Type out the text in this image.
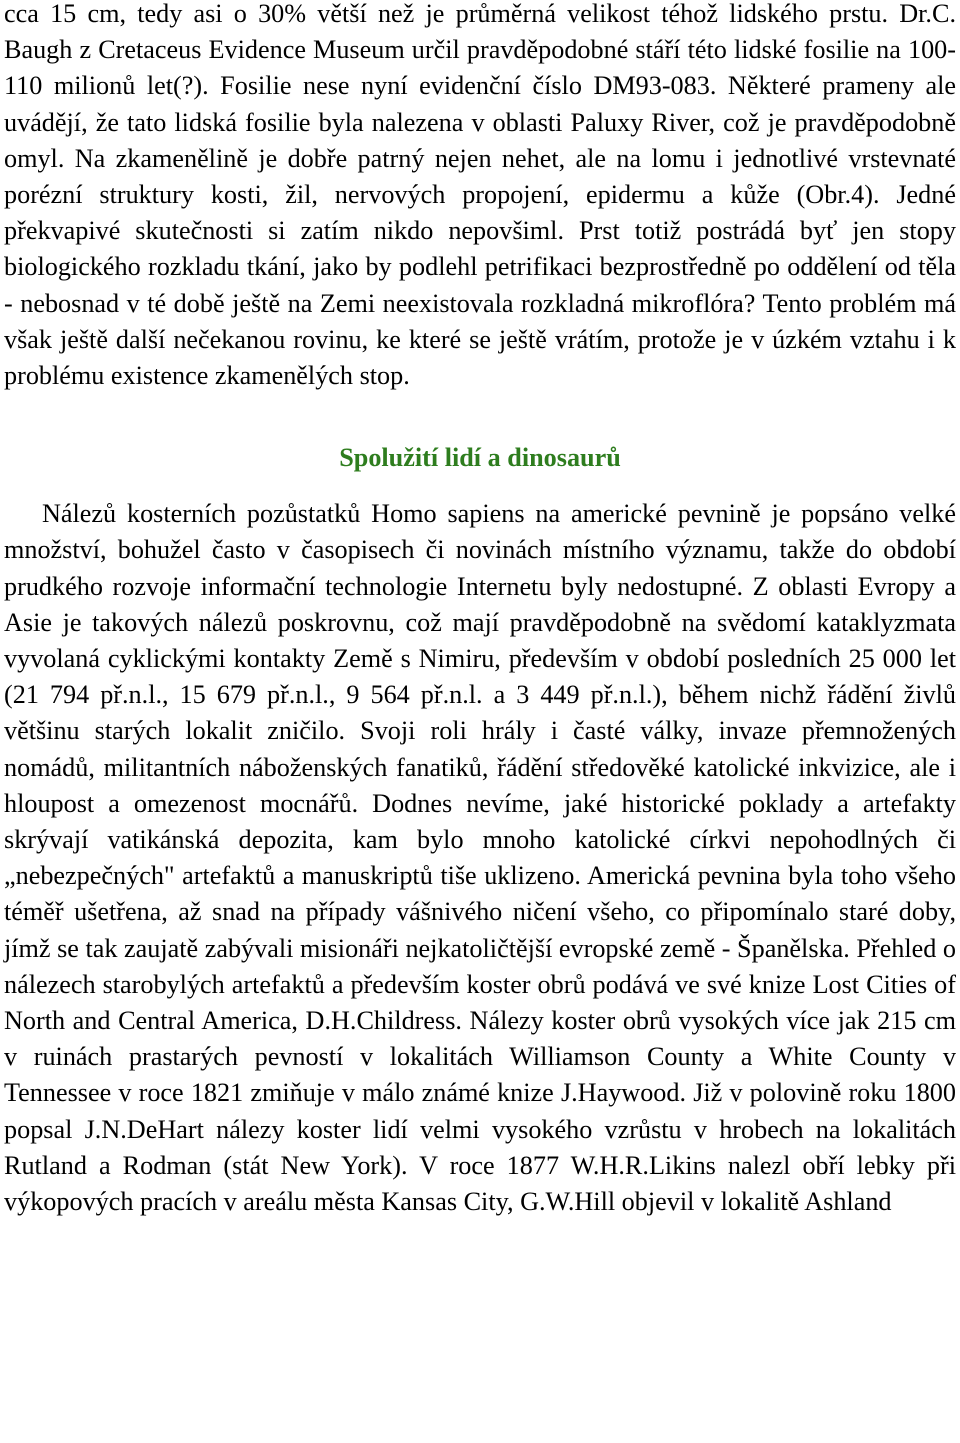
cca 15 cm, tedy asi o 30% větší než je průměrná velikost téhož lidského prstu. Dr.C. Baugh z Cretaceus Evidence Museum určil pravděpodobné stáří této lidské fosilie na 100-110 milionů let(?). Fosilie nese nyní evidenční číslo DM93-083. Některé prameny ale uvádějí, že tato lidská fosilie byla nalezena v oblasti Paluxy River, což je pravděpodobně omyl. Na zkamenělině je dobře patrný nejen nehet, ale na lomu i jednotlivé vrstevnaté porézní struktury kosti, žil, nervových propojení, epidermu a kůže (Obr.4). Jedné překvapivé skutečnosti si zatím nikdo nepovšiml. Prst totiž postrádá byť jen stopy biologického rozkladu tkání, jako by podlehl petrifikaci bezprostředně po oddělení od těla - nebosnad v té době ještě na Zemi neexistovala rozkladná mikroflóra? Tento problém má však ještě další nečekanou rovinu, ke které se ještě vrátím, protože je v úzkém vztahu i k problému existence zkamenělých stop.

Spolužití lidí a dinosaurů

Nálezů kosterních pozůstatků Homo sapiens na americké pevnině je popsáno velké množství, bohužel často v časopisech či novinách místního významu, takže do období prudkého rozvoje informační technologie Internetu byly nedostupné. Z oblasti Evropy a Asie je takových nálezů poskrovnu, což mají pravděpodobně na svědomí kataklyzmata vyvolaná cyklickými kontakty Země s Nimiru, především v období posledních 25 000 let (21 794 př.n.l., 15 679 př.n.l., 9 564 př.n.l. a 3 449 př.n.l.), během nichž řádění živlů většinu starých lokalit zničilo. Svoji roli hrály i časté války, invaze přemnožených nomádů, militantních náboženských fanatiků, řádění středověké katolické inkvizice, ale i hloupost a omezenost mocnářů. Dodnes nevíme, jaké historické poklady a artefakty skrývají vatikánská depozita, kam bylo mnoho katolické církvi nepohodlných či „nebezpečných" artefaktů a manuskriptů tiše uklizeno. Americká pevnina byla toho všeho téměř ušetřena, až snad na případy vášnivého ničení všeho, co připomínalo staré doby, jímž se tak zaujatě zabývali misionáři nejkatoličtější evropské země - Španělska. Přehled o nálezech starobylých artefaktů a především koster obrů podává ve své knize Lost Cities of North and Central America, D.H.Childress. Nálezy koster obrů vysokých více jak 215 cm v ruinách prastarých pevností v lokalitách Williamson County a White County v Tennessee v roce 1821 zmiňuje v málo známé knize J.Haywood. Již v polovině roku 1800 popsal J.N.DeHart nálezy koster lidí velmi vysokého vzrůstu v hrobech na lokalitách Rutland a Rodman (stát New York). V roce 1877 W.H.R.Likins nalezl obří lebky při výkopových pracích v areálu města Kansas City, G.W.Hill objevil v lokalitě Ashland
